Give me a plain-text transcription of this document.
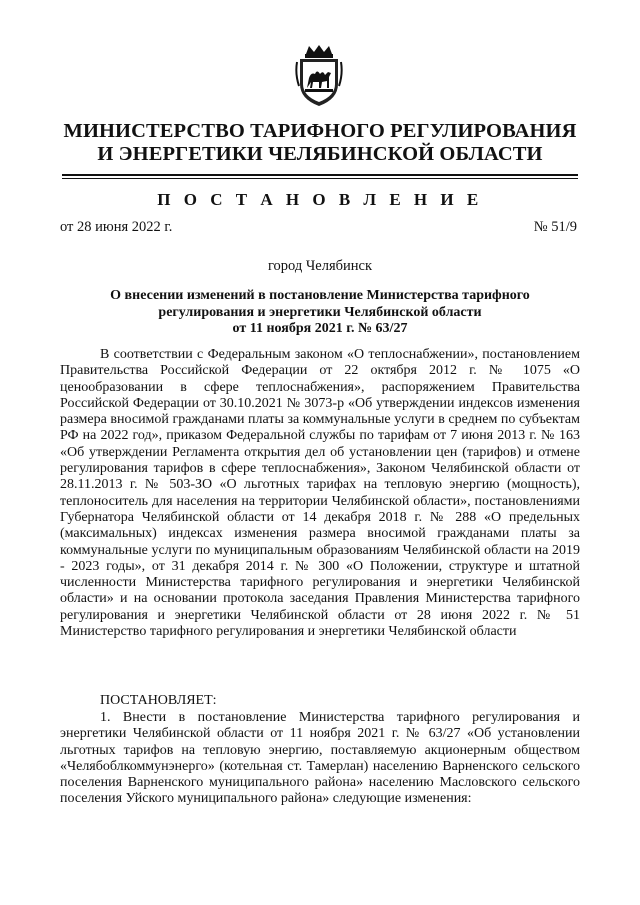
МИНИСТЕРСТВО ТАРИФНОГО РЕГУЛИРОВАНИЯ
И ЭНЕРГЕТИКИ ЧЕЛЯБИНСКОЙ ОБЛАСТИ
П О С Т А Н О В Л Е Н И Е
от 28 июня 2022 г.	№ 51/9
город Челябинск
О внесении изменений в постановление Министерства тарифного
регулирования и энергетики Челябинской области
от 11 ноября 2021 г. № 63/27

В соответствии с Федеральным законом «О теплоснабжении», постановлением Правительства Российской Федерации от 22 октября 2012 г. № 1075 «О ценообразовании в сфере теплоснабжения», распоряжением Правительства Российской Федерации от 30.10.2021 № 3073-р «Об утверждении индексов изменения размера вносимой гражданами платы за коммунальные услуги в среднем по субъектам РФ на 2022 год», приказом Федеральной службы по тарифам от 7 июня 2013 г. № 163 «Об утверждении Регламента открытия дел об установлении цен (тарифов) и отмене регулирования тарифов в сфере теплоснабжения», Законом Челябинской области от 28.11.2013 г. № 503-ЗО «О льготных тарифах на тепловую энергию (мощность), теплоноситель для населения на территории Челябинской области», постановлениями Губернатора Челябинской области от 14 декабря 2018 г. № 288 «О предельных (максимальных) индексах изменения размера вносимой гражданами платы за коммунальные услуги по муниципальным образованиям Челябинской области на 2019 - 2023 годы», от 31 декабря 2014 г. № 300 «О Положении, структуре и штатной численности Министерства тарифного регулирования и энергетики Челябинской области» и на основании протокола заседания Правления Министерства тарифного регулирования и энергетики Челябинской области от 28 июня 2022 г. № 51 Министерство тарифного регулирования и энергетики Челябинской области

ПОСТАНОВЛЯЕТ:

1. Внести в постановление Министерства тарифного регулирования и энергетики Челябинской области от 11 ноября 2021 г. № 63/27 «Об установлении льготных тарифов на тепловую энергию, поставляемую акционерным обществом «Челябоблкоммунэнерго» (котельная ст. Тамерлан) населению Варненского сельского поселения Варненского муниципального района» населению Масловского сельского поселения Уйского муниципального района» следующие изменения:
